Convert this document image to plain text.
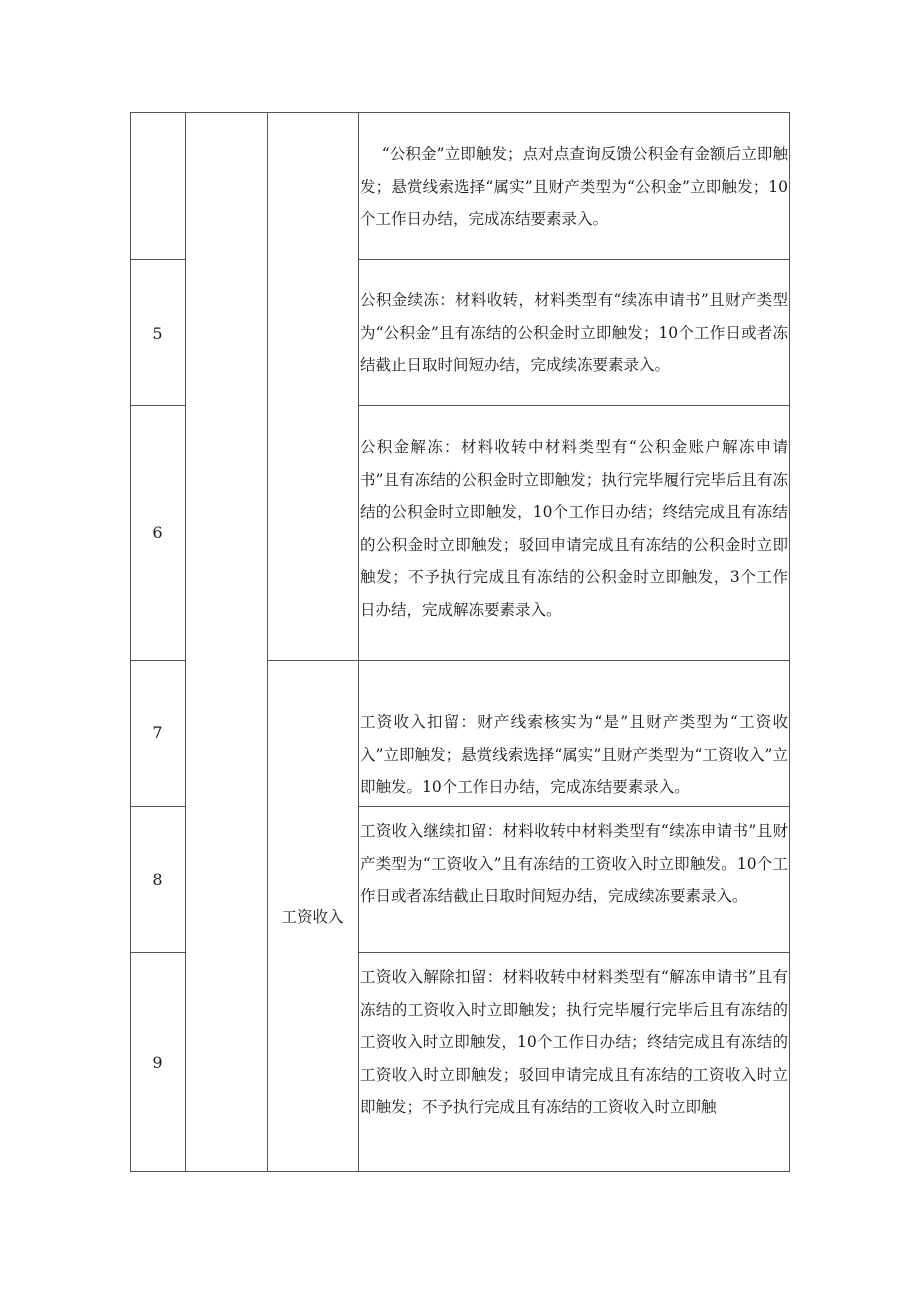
5
6
7
8
9
工资收入
“公积金”立即触发；点对点查询反馈公积金有金额后立即触发；悬赏线索选择“属实”且财产类型为“公积金”立即触发；10个工作日办结，完成冻结要素录入。
公积金续冻：材料收转，材料类型有“续冻申请书”且财产类型为“公积金”且有冻结的公积金时立即触发；10个工作日或者冻结截止日取时间短办结，完成续冻要素录入。
公积金解冻：材料收转中材料类型有“公积金账户解冻申请书”且有冻结的公积金时立即触发；执行完毕履行完毕后且有冻结的公积金时立即触发，10个工作日办结；终结完成且有冻结的公积金时立即触发；驳回申请完成且有冻结的公积金时立即触发；不予执行完成且有冻结的公积金时立即触发，3个工作日办结，完成解冻要素录入。
工资收入扣留：财产线索核实为“是”且财产类型为“工资收入”立即触发；悬赏线索选择“属实”且财产类型为“工资收入”立即触发。10个工作日办结，完成冻结要素录入。
工资收入继续扣留：材料收转中材料类型有“续冻申请书”且财产类型为“工资收入”且有冻结的工资收入时立即触发。10个工作日或者冻结截止日取时间短办结，完成续冻要素录入。
工资收入解除扣留：材料收转中材料类型有“解冻申请书”且有冻结的工资收入时立即触发；执行完毕履行完毕后且有冻结的工资收入时立即触发，10个工作日办结；终结完成且有冻结的工资收入时立即触发；驳回申请完成且有冻结的工资收入时立即触发；不予执行完成且有冻结的工资收入时立即触
